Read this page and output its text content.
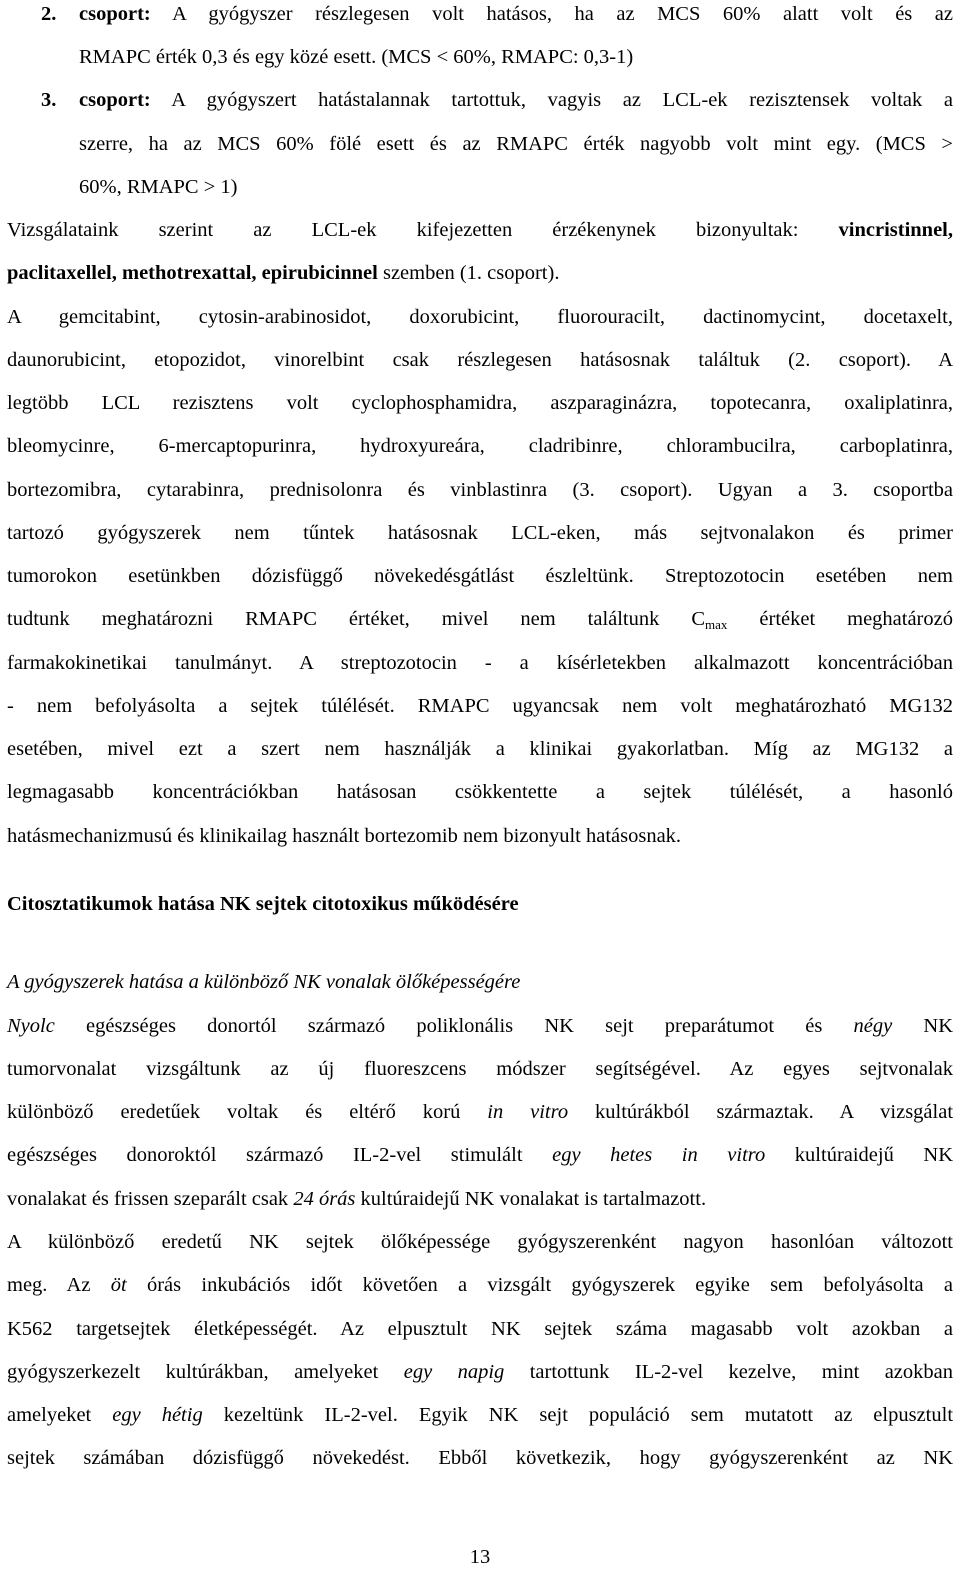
2. csoport: A gyógyszer részlegesen volt hatásos, ha az MCS 60% alatt volt és az
RMAPC érték 0,3 és egy közé esett. (MCS < 60%, RMAPC: 0,3-1)
3. csoport: A gyógyszert hatástalannak tartottuk, vagyis az LCL-ek rezisztensek voltak a
szerre, ha az MCS 60% fölé esett és az RMAPC érték nagyobb volt mint egy. (MCS >
60%, RMAPC > 1)
Vizsgálataink szerint az LCL-ek kifejezetten érzékenynek bizonyultak: vincristinnel,
paclitaxellel, methotrexattal, epirubicinnel szemben (1. csoport).
A gemcitabint, cytosin-arabinosidot, doxorubicint, fluorouracilt, dactinomycint, docetaxelt,
daunorubicint, etopozidot, vinorelbint csak részlegesen hatásosnak találtuk (2. csoport). A
legtöbb LCL rezisztens volt cyclophosphamidra, aszparaginázra, topotecanra, oxaliplatinra,
bleomycinre, 6-mercaptopurinra, hydroxyureára, cladribinre, chlorambucilra, carboplatinra,
bortezomibra, cytarabinra, prednisolonra és vinblastinra (3. csoport). Ugyan a 3. csoportba
tartozó gyógyszerek nem tűntek hatásosnak LCL-eken, más sejtvonalakon és primer
tumorokon esetünkben dózisfüggő növekedésgátlást észleltünk. Streptozotocin esetében nem
tudtunk meghatározni RMAPC értéket, mivel nem találtunk $C_{max}$ értéket meghatározó
farmakokinetikai tanulmányt. A streptozotocin - a kísérletekben alkalmazott koncentrációban
- nem befolyásolta a sejtek túlélését. RMAPC ugyancsak nem volt meghatározható MG132
esetében, mivel ezt a szert nem használják a klinikai gyakorlatban. Míg az MG132 a
legmagasabb koncentrációkban hatásosan csökkentette a sejtek túlélését, a hasonló
hatásmechanizmusú és klinikailag használt bortezomib nem bizonyult hatásosnak.
Citosztatikumok hatása NK sejtek citotoxikus működésére
A gyógyszerek hatása a különböző NK vonalak ölőképességére
Nyolc egészséges donortól származó poliklonális NK sejt preparátumot és négy NK
tumorvonalat vizsgáltunk az új fluoreszcens módszer segítségével. Az egyes sejtvonalak
különböző eredetűek voltak és eltérő korú in vitro kultúrákból származtak. A vizsgálat
egészséges donoroktól származó IL-2-vel stimulált egy hetes in vitro kultúraidejű NK
vonalakat és frissen szeparált csak 24 órás kultúraidejű NK vonalakat is tartalmazott.
A különböző eredetű NK sejtek ölőképessége gyógyszerenként nagyon hasonlóan változott
meg. Az öt órás inkubációs időt követően a vizsgált gyógyszerek egyike sem befolyásolta a
K562 targetsejtek életképességét. Az elpusztult NK sejtek száma magasabb volt azokban a
gyógyszerkezelt kultúrákban, amelyeket egy napig tartottunk IL-2-vel kezelve, mint azokban
amelyeket egy hétig kezeltünk IL-2-vel. Egyik NK sejt populáció sem mutatott az elpusztult
sejtek számában dózisfüggő növekedést. Ebből következik, hogy gyógyszerenként az NK
13
